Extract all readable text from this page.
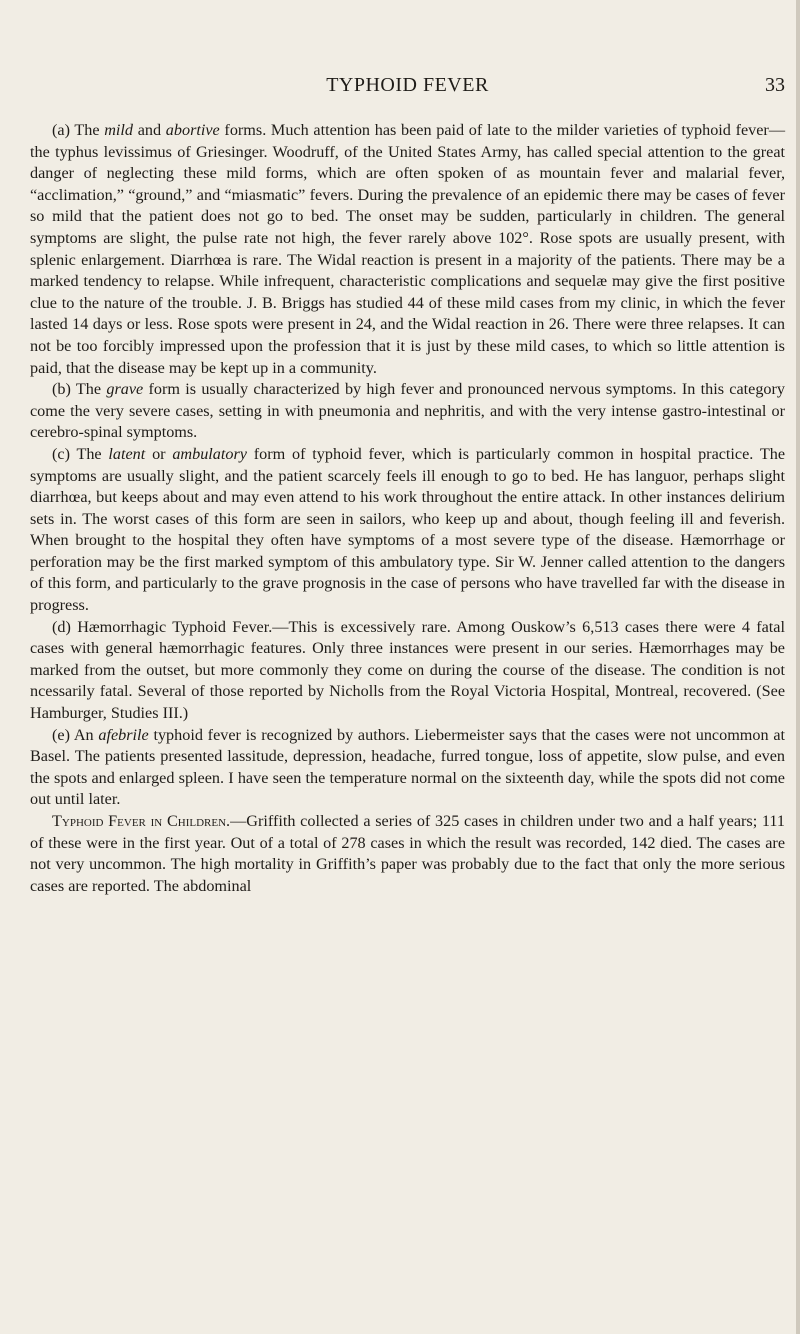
TYPHOID FEVER	33

(a) The mild and abortive forms. Much attention has been paid of late to the milder varieties of typhoid fever—the typhus levissimus of Griesinger. Woodruff, of the United States Army, has called special attention to the great danger of neglecting these mild forms, which are often spoken of as mountain fever and malarial fever, “acclimation,” “ground,” and “miasmatic” fevers. During the prevalence of an epidemic there may be cases of fever so mild that the patient does not go to bed. The onset may be sudden, particularly in children. The general symptoms are slight, the pulse rate not high, the fever rarely above 102°. Rose spots are usually present, with splenic enlargement. Diarrhœa is rare. The Widal reaction is present in a majority of the patients. There may be a marked tendency to relapse. While infrequent, characteristic complications and sequelæ may give the first positive clue to the nature of the trouble. J. B. Briggs has studied 44 of these mild cases from my clinic, in which the fever lasted 14 days or less. Rose spots were present in 24, and the Widal reaction in 26. There were three relapses. It can not be too forcibly impressed upon the profession that it is just by these mild cases, to which so little attention is paid, that the disease may be kept up in a community.

(b) The grave form is usually characterized by high fever and pronounced nervous symptoms. In this category come the very severe cases, setting in with pneumonia and nephritis, and with the very intense gastro-intestinal or cerebro-spinal symptoms.

(c) The latent or ambulatory form of typhoid fever, which is particularly common in hospital practice. The symptoms are usually slight, and the patient scarcely feels ill enough to go to bed. He has languor, perhaps slight diarrhœa, but keeps about and may even attend to his work throughout the entire attack. In other instances delirium sets in. The worst cases of this form are seen in sailors, who keep up and about, though feeling ill and feverish. When brought to the hospital they often have symptoms of a most severe type of the disease. Hæmorrhage or perforation may be the first marked symptom of this ambulatory type. Sir W. Jenner called attention to the dangers of this form, and particularly to the grave prognosis in the case of persons who have travelled far with the disease in progress.

(d) Hæmorrhagic Typhoid Fever.—This is excessively rare. Among Ouskow’s 6,513 cases there were 4 fatal cases with general hæmorrhagic features. Only three instances were present in our series. Hæmorrhages may be marked from the outset, but more commonly they come on during the course of the disease. The condition is not ncessarily fatal. Several of those reported by Nicholls from the Royal Victoria Hospital, Montreal, recovered. (See Hamburger, Studies III.)

(e) An afebrile typhoid fever is recognized by authors. Liebermeister says that the cases were not uncommon at Basel. The patients presented lassitude, depression, headache, furred tongue, loss of appetite, slow pulse, and even the spots and enlarged spleen. I have seen the temperature normal on the sixteenth day, while the spots did not come out until later.

Typhoid Fever in Children.—Griffith collected a series of 325 cases in children under two and a half years; 111 of these were in the first year. Out of a total of 278 cases in which the result was recorded, 142 died. The cases are not very uncommon. The high mortality in Griffith’s paper was probably due to the fact that only the more serious cases are reported. The abdominal
